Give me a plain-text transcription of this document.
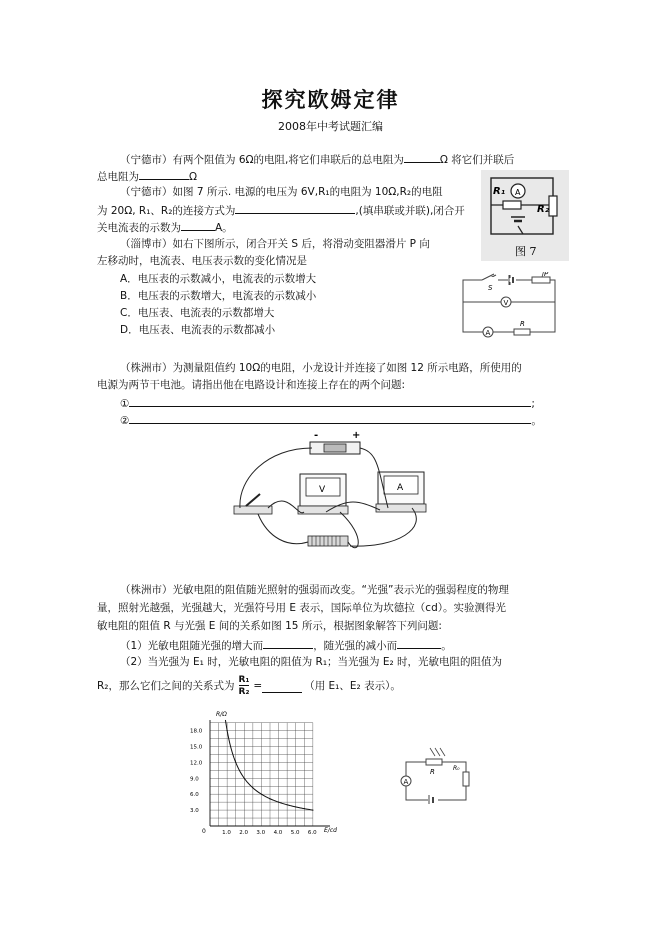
探究欧姆定律
2008年中考试题汇编
（宁德市）有两个阻值为 6Ω的电阻,将它们串联后的总电阻为	Ω 将它们并联后
总电阻为	Ω
（宁德市）如图 7 所示. 电源的电压为 6V,R₁的电阻为 10Ω,R₂的电阻
为 20Ω, R₁、R₂的连接方式为	,(填串联或并联),闭合开
关电流表的示数为	A。
R₁ A
R₂
图 7
（淄博市）如右下图所示，闭合开关 S 后，将滑动变阻器滑片 P 向
左移动时，电流表、电压表示数的变化情况是
A．电压表的示数减小，电流表的示数增大
B．电压表的示数增大，电流表的示数减小
C．电压表、电流表的示数都增大
D．电压表、电流表的示数都减小
S
P
V
A
R
（株洲市）为测量阻值约 10Ω的电阻，小龙设计并连接了如图 12 所示电路，所使用的
电源为两节干电池。请指出他在电路设计和连接上存在的两个问题:
①	;
②	。
-	+
V	A
（株洲市）光敏电阻的阻值随光照射的强弱而改变。“光强”表示光的强弱程度的物理
量，照射光越强，光强越大，光强符号用 E 表示，国际单位为坎德拉（cd）。实验测得光
敏电阻的阻值 R 与光强 E 间的关系如图 15 所示，根据图象解答下列问题:
（1）光敏电阻随光强的增大而	，随光强的减小而	。
（2）当光强为 E₁ 时，光敏电阻的阻值为 R₁；当光强为 E₂ 时，光敏电阻的阻值为
R₂，那么它们之间的关系式为 $\frac{\text{R₁}}{\text{R₂}}$ =	（用 E₁、E₂ 表示）。
1.0 2.0 3.0 4.0 5.0 6.0
3.0
6.0
9.0
12.0
15.0
18.0
R/Ω
E/cd
0
R	R₀
A
